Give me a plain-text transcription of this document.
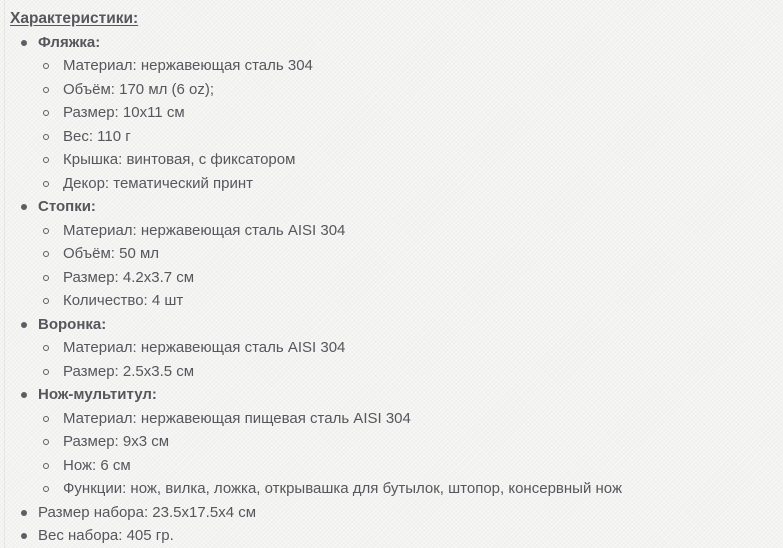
Характеристики:
Фляжка:
Материал: нержавеющая сталь 304
Объём: 170 мл (6 oz);
Размер: 10х11 см
Вес: 110 г
Крышка: винтовая, с фиксатором
Декор: тематический принт
Стопки:
Материал: нержавеющая сталь AISI 304
Объём: 50 мл
Размер: 4.2х3.7 см
Количество: 4 шт
Воронка:
Материал: нержавеющая сталь AISI 304
Размер: 2.5х3.5 см
Нож-мультитул:
Материал: нержавеющая пищевая сталь AISI 304
Размер: 9х3 см
Нож: 6 см
Функции: нож, вилка, ложка, открывашка для бутылок, штопор, консервный нож
Размер набора: 23.5х17.5х4 см
Вес набора: 405 гр.
